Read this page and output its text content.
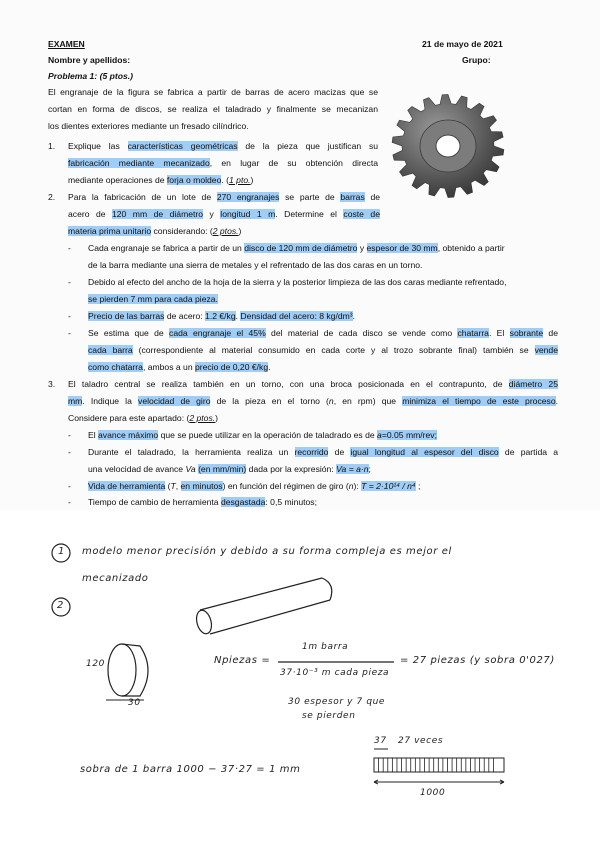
EXAMEN	21 de mayo de 2021
Nombre y apellidos:	Grupo:
Problema 1: (5 ptos.)
El engranaje de la figura se fabrica a partir de barras de acero macizas que se
cortan en forma de discos, se realiza el taladrado y finalmente se mecanizan
los dientes exteriores mediante un fresado cilíndrico.
1. Explique las características geométricas de la pieza que justifican su
fabricación mediante mecanizado, en lugar de su obtención directa
mediante operaciones de forja o moldeo. (1 pto.)
2. Para la fabricación de un lote de 270 engranajes se parte de barras de
acero de 120 mm de diámetro y longitud 1 m. Determine el coste de
materia prima unitario considerando: (2 ptos.)
- Cada engranaje se fabrica a partir de un disco de 120 mm de diámetro y espesor de 30 mm, obtenido a partir
de la barra mediante una sierra de metales y el refrentado de las dos caras en un torno.
- Debido al efecto del ancho de la hoja de la sierra y la posterior limpieza de las dos caras mediante refrentado,
se pierden 7 mm para cada pieza.
- Precio de las barras de acero: 1.2 €/kg. Densidad del acero: 8 kg/dm³.
- Se estima que de cada engranaje el 45% del material de cada disco se vende como chatarra. El sobrante de
cada barra (correspondiente al material consumido en cada corte y al trozo sobrante final) también se vende
como chatarra, ambos a un precio de 0,20 €/kg.
3. El taladro central se realiza también en un torno, con una broca posicionada en el contrapunto, de diámetro 25
mm. Indique la velocidad de giro de la pieza en el torno (n, en rpm) que minimiza el tiempo de este proceso.
Considere para este apartado: (2 ptos.)
- El avance máximo que se puede utilizar en la operación de taladrado es de a=0.05 mm/rev;
- Durante el taladrado, la herramienta realiza un recorrido de igual longitud al espesor del disco de partida a
una velocidad de avance Va (en mm/min) dada por la expresión: Va = a·n;
- Vida de herramienta (T, en minutos) en función del régimen de giro (n): T = 2·10¹⁴ / n⁴ ;
- Tiempo de cambio de herramienta desgastada: 0,5 minutos;
1 modelo menor precisión y debido a su forma compleja es mejor el
mecanizado
2
120
30
Npiezas =
1m barra
37·10⁻³ m cada pieza
= 27 piezas (y sobra 0'027)
30 espesor y 7 que
se pierden
sobra de 1 barra 1000 − 37·27 = 1 mm
37 27 veces
1000
